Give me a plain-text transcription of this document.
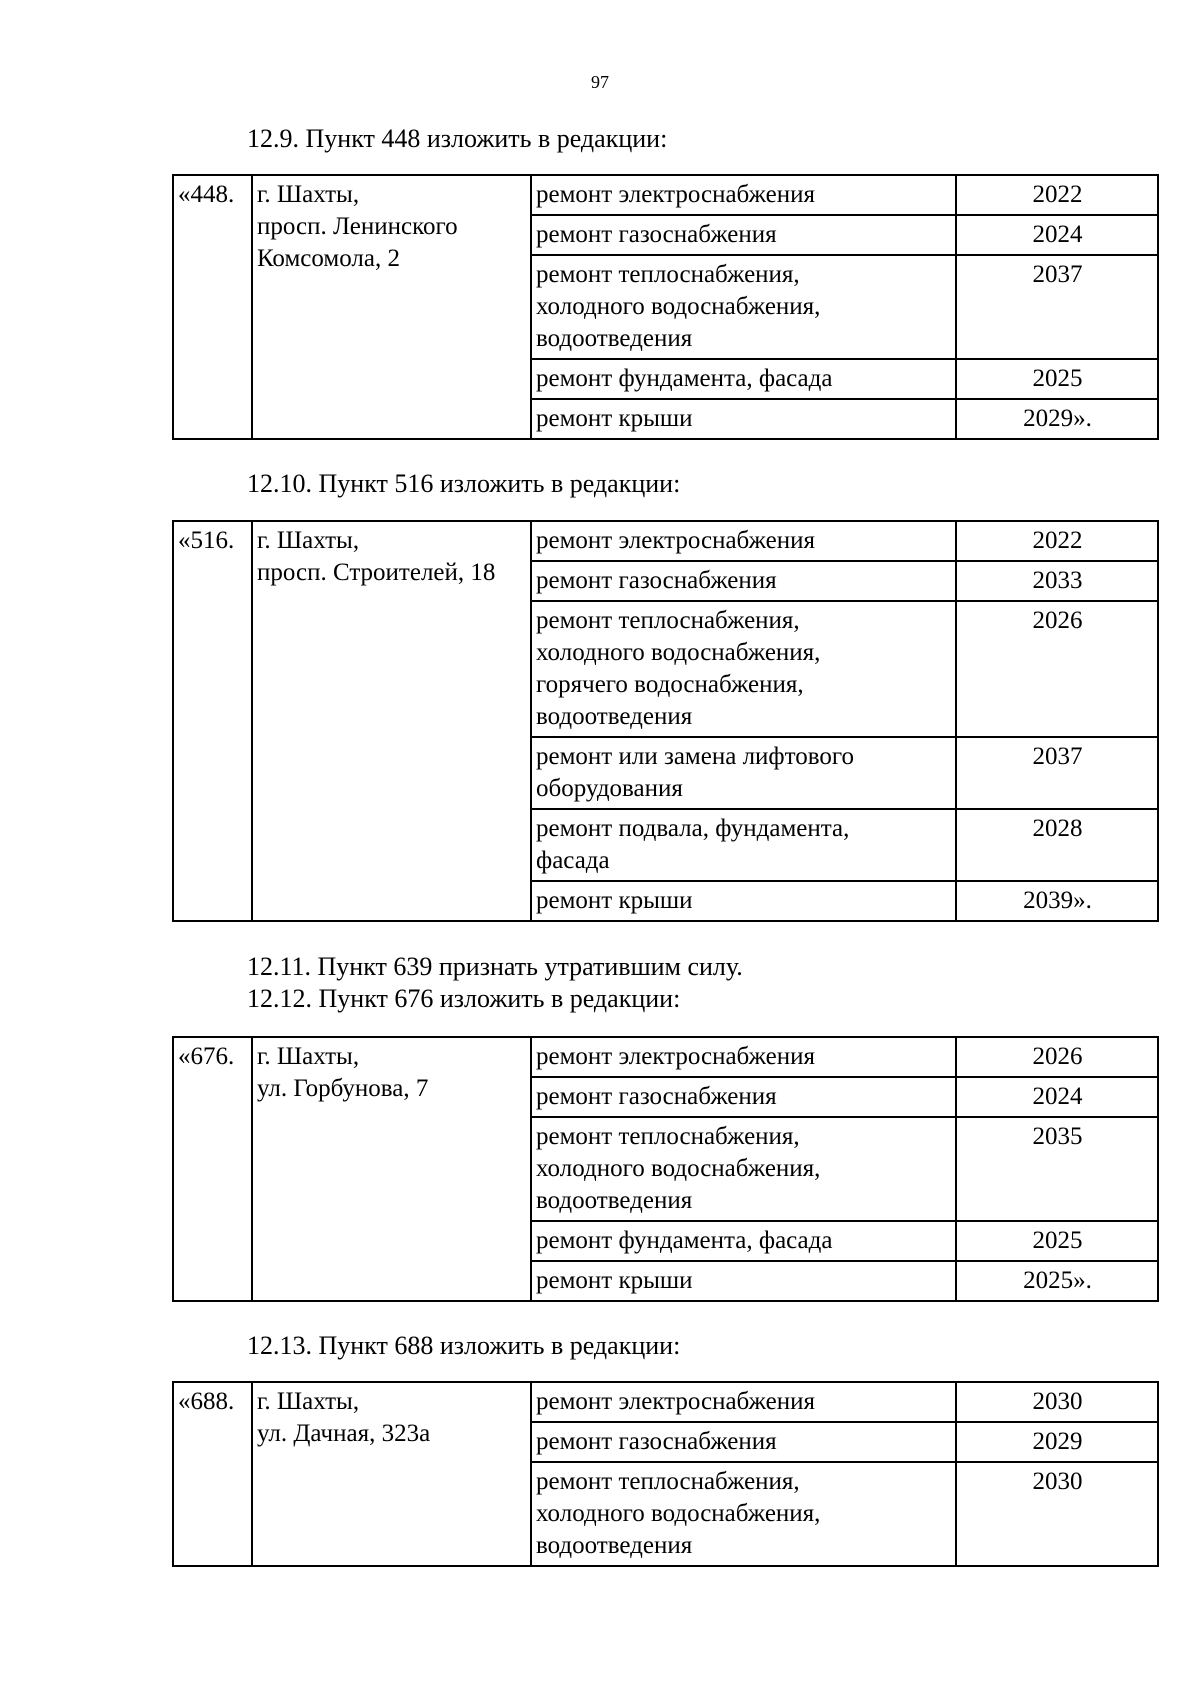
97
12.9. Пункт 448 изложить в редакции:
«448.	г. Шахты,
просп. Ленинского
Комсомола, 2	ремонт электроснабжения	2022

		ремонт газоснабжения	2024

		ремонт теплоснабжения,
холодного водоснабжения,
водоотведения	2037

		ремонт фундамента, фасада	2025

		ремонт крыши	2029».
12.10. Пункт 516 изложить в редакции:
«516.	г. Шахты,
просп. Строителей, 18	ремонт электроснабжения	2022

		ремонт газоснабжения	2033

		ремонт теплоснабжения,
холодного водоснабжения,
горячего водоснабжения,
водоотведения	2026

		ремонт или замена лифтового
оборудования	2037

		ремонт подвала, фундамента,
фасада	2028

		ремонт крыши	2039».
12.11. Пункт 639 признать утратившим силу.
12.12. Пункт 676 изложить в редакции:
«676.	г. Шахты,
ул. Горбунова, 7	ремонт электроснабжения	2026

		ремонт газоснабжения	2024

		ремонт теплоснабжения,
холодного водоснабжения,
водоотведения	2035

		ремонт фундамента, фасада	2025

		ремонт крыши	2025».
12.13. Пункт 688 изложить в редакции:
«688.	г. Шахты,
ул. Дачная, 323а	ремонт электроснабжения	2030

		ремонт газоснабжения	2029

		ремонт теплоснабжения,
холодного водоснабжения,
водоотведения	2030
